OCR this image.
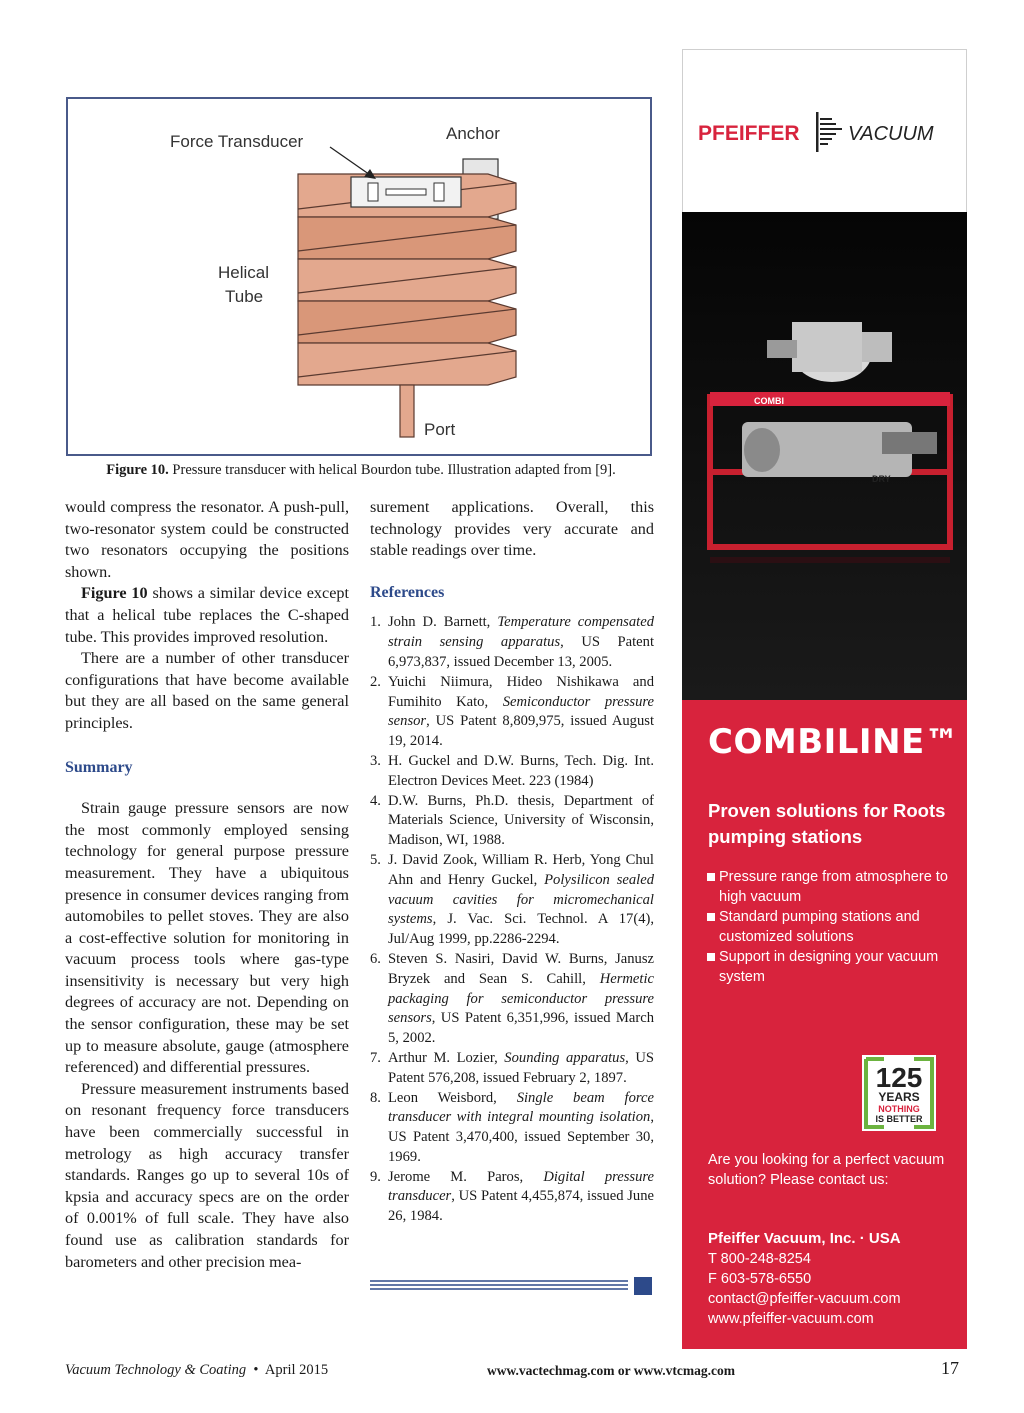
Force Transducer	Anchor
Helical
Tube
Port
Figure 10. Pressure transducer with helical Bourdon tube. Illustration adapted from [9].

would compress the resonator. A push-pull, two-resonator system could be constructed two resonators occupying the positions shown.

Figure 10 shows a similar device except that a helical tube replaces the C-shaped tube. This provides improved resolution.

There are a number of other transducer configurations that have become available but they are all based on the same general principles.

Summary

Strain gauge pressure sensors are now the most commonly employed sensing technology for general purpose pressure measurement. They have a ubiquitous presence in consumer devices ranging from automobiles to pellet stoves. They are also a cost-effective solution for monitoring in vacuum process tools where gas-type insensitivity is necessary but very high degrees of accuracy are not. Depending on the sensor configuration, these may be set up to measure absolute, gauge (atmosphere referenced) and differential pressures.

Pressure measurement instruments based on resonant frequency force transducers have been commercially successful in metrology as high accuracy transfer standards. Ranges go up to several 10s of kpsia and accuracy specs are on the order of 0.001% of full scale. They have also found use as calibration standards for barometers and other precision mea-

surement applications. Overall, this technology provides very accurate and stable readings over time.

References
1. John D. Barnett, Temperature compensated strain sensing apparatus, US Patent 6,973,837, issued December 13, 2005.
2. Yuichi Niimura, Hideo Nishikawa and Fumihito Kato, Semiconductor pressure sensor, US Patent 8,809,975, issued August 19, 2014.
3. H. Guckel and D.W. Burns, Tech. Dig. Int. Electron Devices Meet. 223 (1984)
4. D.W. Burns, Ph.D. thesis, Department of Materials Science, University of Wisconsin, Madison, WI, 1988.
5. J. David Zook, William R. Herb, Yong Chul Ahn and Henry Guckel, Polysilicon sealed vacuum cavities for micromechanical systems, J. Vac. Sci. Technol. A 17(4), Jul/Aug 1999, pp.2286-2294.
6. Steven S. Nasiri, David W. Burns, Janusz Bryzek and Sean S. Cahill, Hermetic packaging for semiconductor pressure sensors, US Patent 6,351,996, issued March 5, 2002.
7. Arthur M. Lozier, Sounding apparatus, US Patent 576,208, issued February 2, 1897.
8. Leon Weisbord, Single beam force transducer with integral mounting isolation, US Patent 3,470,400, issued September 30, 1969.
9. Jerome M. Paros, Digital pressure transducer, US Patent 4,455,874, issued June 26, 1984.
PFEIFFER VACUUM
COMBI
DRY
COMBILINE™
Proven solutions for Roots pumping stations
Pressure range from atmosphere to high vacuum
Standard pumping stations and customized solutions
Support in designing your vacuum system
125
YEARS
NOTHING
IS BETTER
Are you looking for a perfect vacuum solution? Please contact us:
Pfeiffer Vacuum, Inc. · USA
T 800-248-8254
F 603-578-6550
contact@pfeiffer-vacuum.com
www.pfeiffer-vacuum.com
Vacuum Technology & Coating  •  April 2015	www.vactechmag.com or www.vtcmag.com	17
